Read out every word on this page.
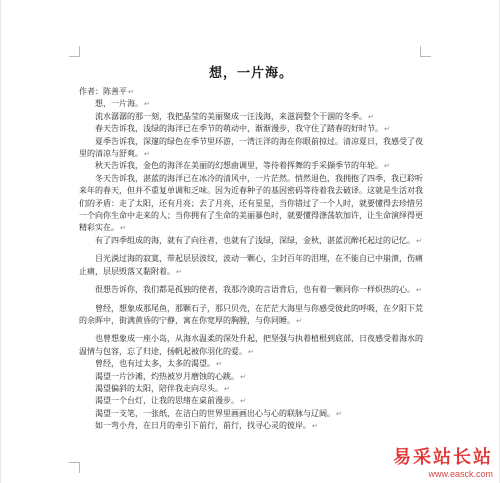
想，一片海。

作者：陈善平↵

想，一片海。↵

流水潺潺的那一刻，我把晶莹的美丽聚成一汪浅海，来滋润整个干涸的冬季。↵

春天告诉我，浅绿的海洋已在季节的萌动中，渐渐漫步，我守住了踏春的好时节。↵

夏季告诉我，深邃的绿色在季节里环游，一湾汪洋的海在你眼前掠过。清凉夏日，我感受了夜里的清凉与舒爽。↵

秋天告诉我，金色的海洋在美丽的幻想曲调里，等待着挥舞的手采撷季节的年轮。↵

冬天告诉我，湛蓝的海洋已在冰冷的清风中，一片茫然。悄然退色，我拥抱了四季，我已聆听来年的春天，但并不重复单调和乏味。因为近春种子的基因密码等待着我去破译。这就是生活对我们的矛盾：走了太阳，还有月亮；去了月亮，还有星星，当你错过了一个人时，就要懂得去珍惜另一个向你生命中走来的人；当你拥有了生命的美丽暴色时，就要懂得涤荡软加许，让生命演绎得更精彩实在。↵

有了四季组成的海，就有了向往者，也就有了浅绿，深绿，金秋，湛蓝沉醉托起过的记忆。↵

目光淌过海的寂寞，带起层层波纹，波动一颗心，尘封百年的泪埋，在不能自已中崩溃，伤痛止痛，层层毁落又黏附着。↵

很想告诉你，我们都是孤独的使者，我那冷漠的言语背后，也有着一颗同你一样炽热的心。↵

曾经，想象成那尾鱼，那颗石子，那只贝壳，在茫茫大海里与你感受彼此的呼吸，在夕阳下荒的余晖中，街满黄昏的宁静，寓在你宽厚的胸膛，与你同睡。↵

也曾想象成一座小岛，从海水温柔的深处升起，把坚强与执着植根到底部，日夜感受着海水的温情与包容，忘了归途，扬帆起被你羽化的爱。↵

曾经，也有过太多，太多的渴望。↵

渴望一片沙滩，灼热被岁月磨蚀的心跳。↵

渴望偏斜的太阳，陪伴我走向尽头。↵

渴望一个台灯，让我的思绪在桌前漫步。↵

渴望一支笔，一张纸，在洁白的世界里画画出心与心的联脉与辽阔。↵

如一弯小舟，在日月的牵引下前行，前行，找寻心灵的彼岸。↵

易采站长站
www.easck.com
